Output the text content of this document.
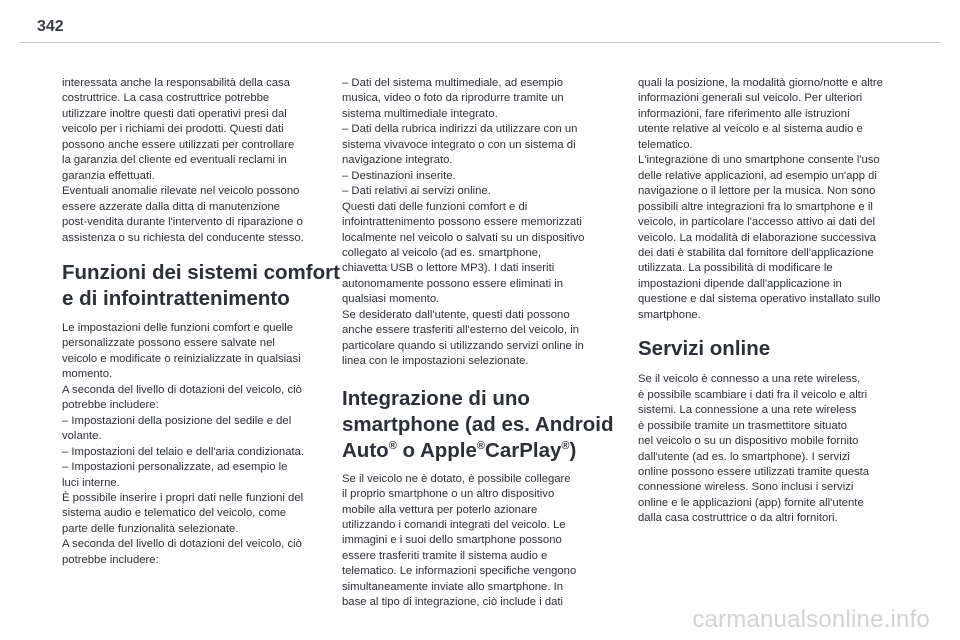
342

interessata anche la responsabilità della casa
costruttrice. La casa costruttrice potrebbe
utilizzare inoltre questi dati operativi presi dal
veicolo per i richiami dei prodotti. Questi dati
possono anche essere utilizzati per controllare
la garanzia del cliente ed eventuali reclami in
garanzia effettuati.
Eventuali anomalie rilevate nel veicolo possono
essere azzerate dalla ditta di manutenzione
post-vendita durante l'intervento di riparazione o
assistenza o su richiesta del conducente stesso.

Funzioni dei sistemi comfort
e di infointrattenimento

Le impostazioni delle funzioni comfort e quelle
personalizzate possono essere salvate nel
veicolo e modificate o reinizializzate in qualsiasi
momento.
A seconda del livello di dotazioni del veicolo, ciò
potrebbe includere:
– Impostazioni della posizione del sedile e del
volante.
– Impostazioni del telaio e dell'aria condizionata.
– Impostazioni personalizzate, ad esempio le
luci interne.
È possibile inserire i propri dati nelle funzioni del
sistema audio e telematico del veicolo, come
parte delle funzionalità selezionate.
A seconda del livello di dotazioni del veicolo, ciò
potrebbe includere:

– Dati del sistema multimediale, ad esempio
musica, video o foto da riprodurre tramite un
sistema multimediale integrato.
– Dati della rubrica indirizzi da utilizzare con un
sistema vivavoce integrato o con un sistema di
navigazione integrato.
– Destinazioni inserite.
– Dati relativi ai servizi online.
Questi dati delle funzioni comfort e di
infointrattenimento possono essere memorizzati
localmente nel veicolo o salvati su un dispositivo
collegato al veicolo (ad es. smartphone,
chiavetta USB o lettore MP3). I dati inseriti
autonomamente possono essere eliminati in
qualsiasi momento.
Se desiderato dall'utente, questi dati possono
anche essere trasferiti all'esterno del veicolo, in
particolare quando si utilizzando servizi online in
linea con le impostazioni selezionate.

Integrazione di uno
smartphone (ad es. Android
Auto® o Apple®CarPlay®)

Se il veicolo ne è dotato, è possibile collegare
il proprio smartphone o un altro dispositivo
mobile alla vettura per poterlo azionare
utilizzando i comandi integrati del veicolo. Le
immagini e i suoi dello smartphone possono
essere trasferiti tramite il sistema audio e
telematico. Le informazioni specifiche vengono
simultaneamente inviate allo smartphone. In
base al tipo di integrazione, ciò include i dati

quali la posizione, la modalità giorno/notte e altre
informazioni generali sul veicolo. Per ulteriori
informazioni, fare riferimento alle istruzioni
utente relative al veicolo e al sistema audio e
telematico.
L'integrazione di uno smartphone consente l'uso
delle relative applicazioni, ad esempio un'app di
navigazione o il lettore per la musica. Non sono
possibili altre integrazioni fra lo smartphone e il
veicolo, in particolare l'accesso attivo ai dati del
veicolo. La modalità di elaborazione successiva
dei dati è stabilita dal fornitore dell'applicazione
utilizzata. La possibilità di modificare le
impostazioni dipende dall'applicazione in
questione e dal sistema operativo installato sullo
smartphone.

Servizi online

Se il veicolo è connesso a una rete wireless,
è possibile scambiare i dati fra il veicolo e altri
sistemi. La connessione a una rete wireless
è possibile tramite un trasmettitore situato
nel veicolo o su un dispositivo mobile fornito
dall'utente (ad es. lo smartphone). I servizi
online possono essere utilizzati tramite questa
connessione wireless. Sono inclusi i servizi
online e le applicazioni (app) fornite all'utente
dalla casa costruttrice o da altri fornitori.

carmanualsonline.info
